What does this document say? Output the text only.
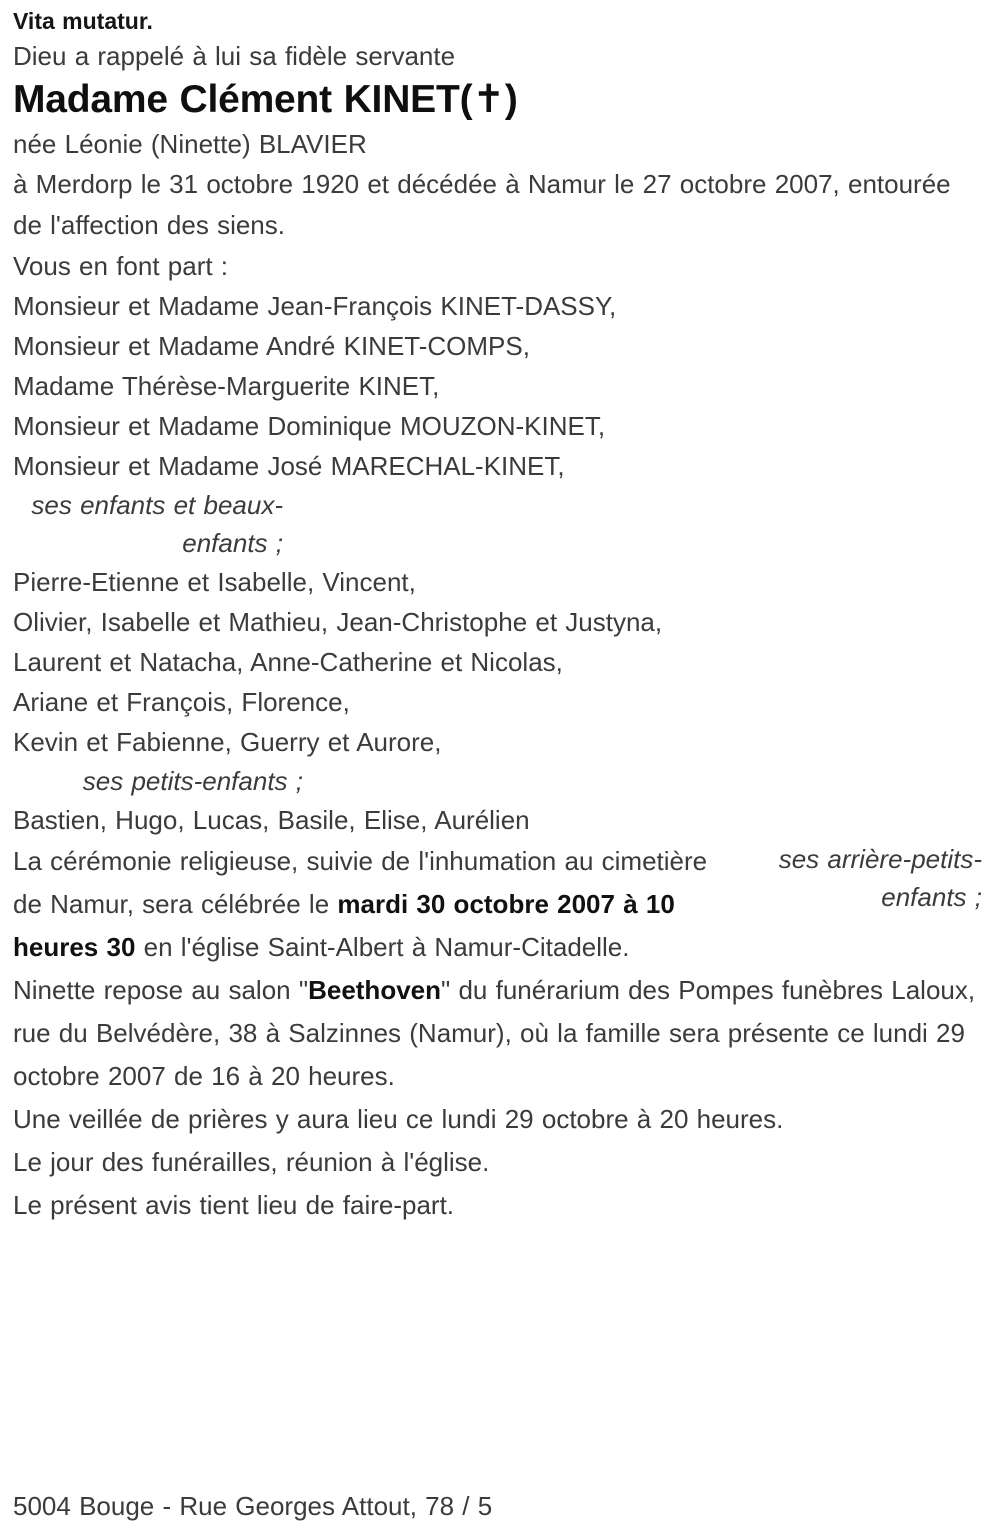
Vita mutatur.

Dieu a rappelé à lui sa fidèle servante

Madame Clément KINET(✝)

née Léonie (Ninette) BLAVIER

à Merdorp le 31 octobre 1920 et décédée à Namur le 27 octobre 2007, entourée de l'affection des siens.

Vous en font part :

Monsieur et Madame Jean-François KINET-DASSY,
Monsieur et Madame André KINET-COMPS,
Madame Thérèse-Marguerite KINET,
Monsieur et Madame Dominique MOUZON-KINET,
Monsieur et Madame José MARECHAL-KINET,
ses enfants et beaux-enfants ;
Pierre-Etienne et Isabelle, Vincent,
Olivier, Isabelle et Mathieu, Jean-Christophe et Justyna,
Laurent et Natacha, Anne-Catherine et Nicolas,
Ariane et François, Florence,
Kevin et Fabienne, Guerry et Aurore,
ses petits-enfants ;
Bastien, Hugo, Lucas, Basile, Elise, Aurélien
ses arrière-petits-enfants ;

La cérémonie religieuse, suivie de l'inhumation au cimetière de Namur, sera célébrée le mardi 30 octobre 2007 à 10 heures 30 en l'église Saint-Albert à Namur-Citadelle.

Ninette repose au salon "Beethoven" du funérarium des Pompes funèbres Laloux, rue du Belvédère, 38 à Salzinnes (Namur), où la famille sera présente ce lundi 29 octobre 2007 de 16 à 20 heures.

Une veillée de prières y aura lieu ce lundi 29 octobre à 20 heures.

Le jour des funérailles, réunion à l'église.

Le présent avis tient lieu de faire-part.

5004 Bouge - Rue Georges Attout, 78 / 5
